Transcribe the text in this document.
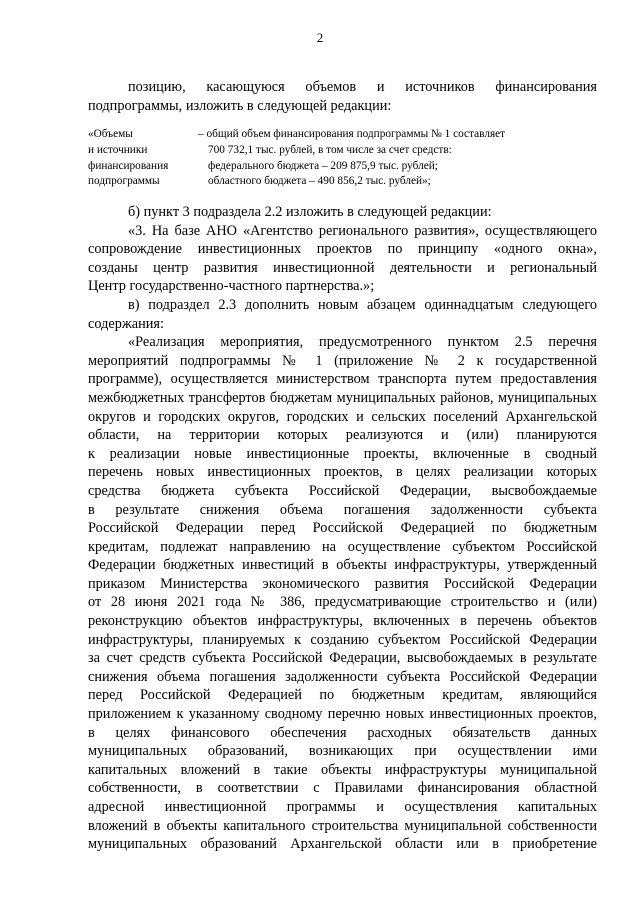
2
позицию, касающуюся объемов и источников финансирования
подпрограммы, изложить в следующей редакции:
«Объемы	– общий объем финансирования подпрограммы № 1 составляет
и источники	700 732,1 тыс. рублей, в том числе за счет средств:
финансирования	федерального бюджета – 209 875,9 тыс. рублей;
подпрограммы	областного бюджета – 490 856,2 тыс. рублей»;
б) пункт 3 подраздела 2.2 изложить в следующей редакции:
«3. На базе АНО «Агентство регионального развития», осуществляющего
сопровождение инвестиционных проектов по принципу «одного окна»,
созданы центр развития инвестиционной деятельности и региональный
Центр государственно-частного партнерства.»;
в) подраздел 2.3 дополнить новым абзацем одиннадцатым следующего
содержания:
«Реализация мероприятия, предусмотренного пунктом 2.5 перечня
мероприятий подпрограммы № 1 (приложение № 2 к государственной
программе), осуществляется министерством транспорта путем предоставления
межбюджетных трансфертов бюджетам муниципальных районов, муниципальных
округов и городских округов, городских и сельских поселений Архангельской
области, на территории которых реализуются и (или) планируются
к реализации новые инвестиционные проекты, включенные в сводный
перечень новых инвестиционных проектов, в целях реализации которых
средства бюджета субъекта Российской Федерации, высвобождаемые
в результате снижения объема погашения задолженности субъекта
Российской Федерации перед Российской Федерацией по бюджетным
кредитам, подлежат направлению на осуществление субъектом Российской
Федерации бюджетных инвестиций в объекты инфраструктуры, утвержденный
приказом Министерства экономического развития Российской Федерации
от 28 июня 2021 года № 386, предусматривающие строительство и (или)
реконструкцию объектов инфраструктуры, включенных в перечень объектов
инфраструктуры, планируемых к созданию субъектом Российской Федерации
за счет средств субъекта Российской Федерации, высвобождаемых в результате
снижения объема погашения задолженности субъекта Российской Федерации
перед Российской Федерацией по бюджетным кредитам, являющийся
приложением к указанному сводному перечню новых инвестиционных проектов,
в целях финансового обеспечения расходных обязательств данных
муниципальных образований, возникающих при осуществлении ими
капитальных вложений в такие объекты инфраструктуры муниципальной
собственности, в соответствии с Правилами финансирования областной
адресной инвестиционной программы и осуществления капитальных
вложений в объекты капитального строительства муниципальной собственности
муниципальных образований Архангельской области или в приобретение
